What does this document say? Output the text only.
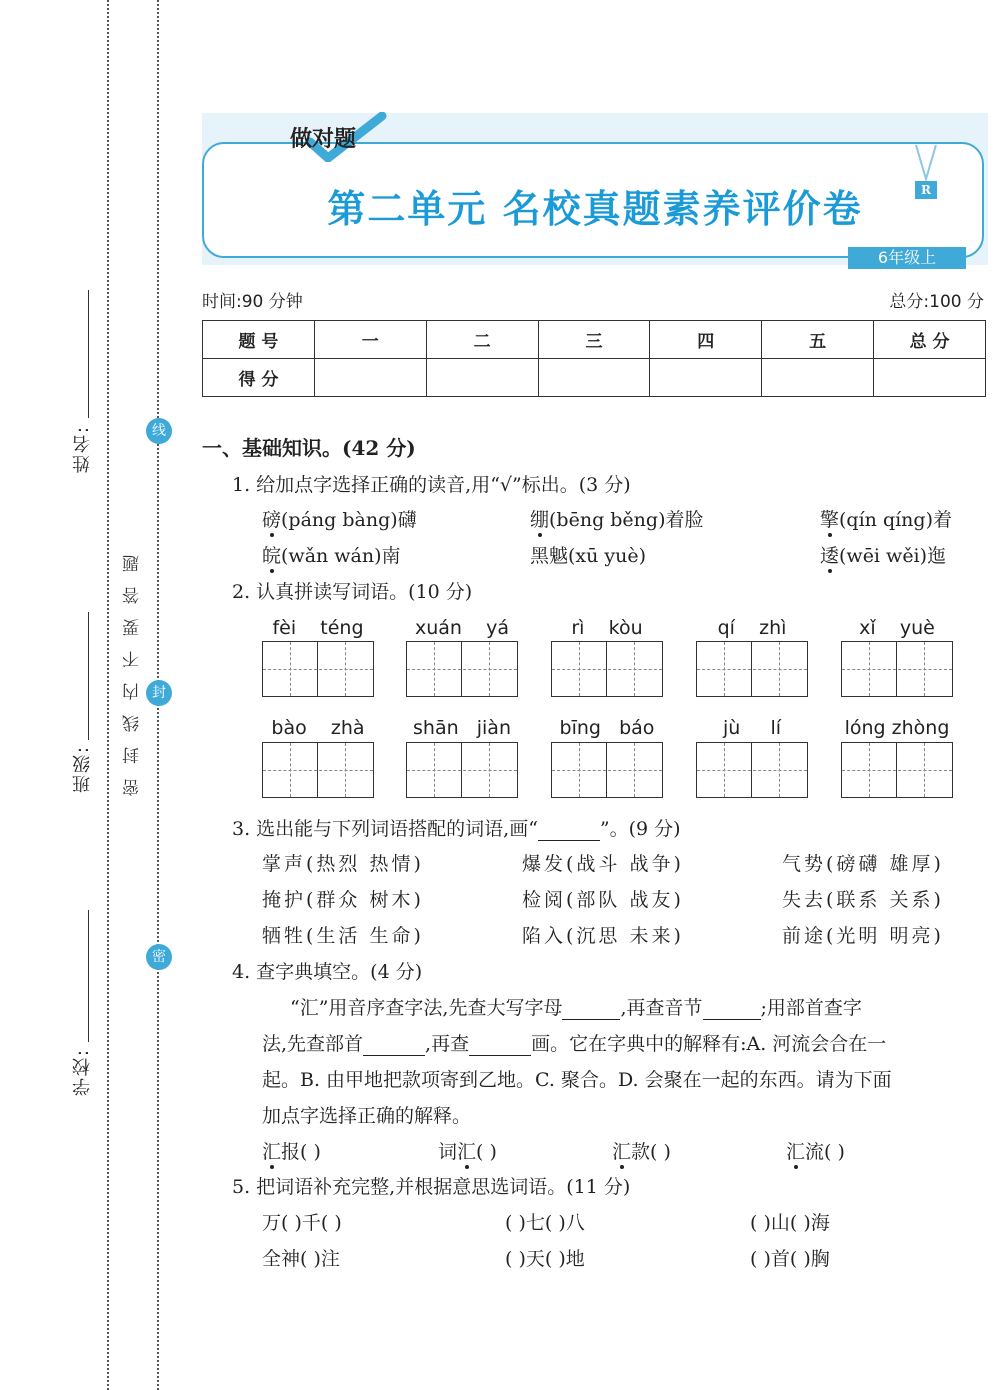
姓名:
班级:
学校:
密封线内不要答题
线
封
密
做对题
第二单元 名校真题素养评价卷	R
6年级上
时间:90 分钟	总分:100 分
题 号	一	二	三	四	五	总 分
得 分						
一、基础知识。(42 分)
1. 给加点字选择正确的读音,用“√”标出。(3 分)
磅(páng bàng)礴	绷(bēng běng)着脸	擎(qín qíng)着
皖(wǎn wán)南	黑魆(xū yuè)	逶(wēi wěi)迤
2. 认真拼读写词语。(10 分)
fèi    téng	xuán    yá	rì    kòu	qí    zhì	xǐ    yuè
bào    zhà	shān   jiàn	bīng   báo	jù     lí	lóng zhòng
3. 选出能与下列词语搭配的词语,画“	”。(9 分)
掌声(热烈 热情)	爆发(战斗 战争)	气势(磅礴 雄厚)
掩护(群众 树木)	检阅(部队 战友)	失去(联系 关系)
牺牲(生活 生命)	陷入(沉思 未来)	前途(光明 明亮)
4. 查字典填空。(4 分)
“汇”用音序查字法,先查大写字母	,再查音节	;用部首查字
法,先查部首	,再查	画。它在字典中的解释有:A. 河流会合在一
起。B. 由甲地把款项寄到乙地。C. 聚合。D. 会聚在一起的东西。请为下面
加点字选择正确的解释。
汇报( )	词汇( )	汇款( )	汇流( )
5. 把词语补充完整,并根据意思选词语。(11 分)
万( )千( )	( )七( )八	( )山( )海
全神( )注	( )天( )地	( )首( )胸
